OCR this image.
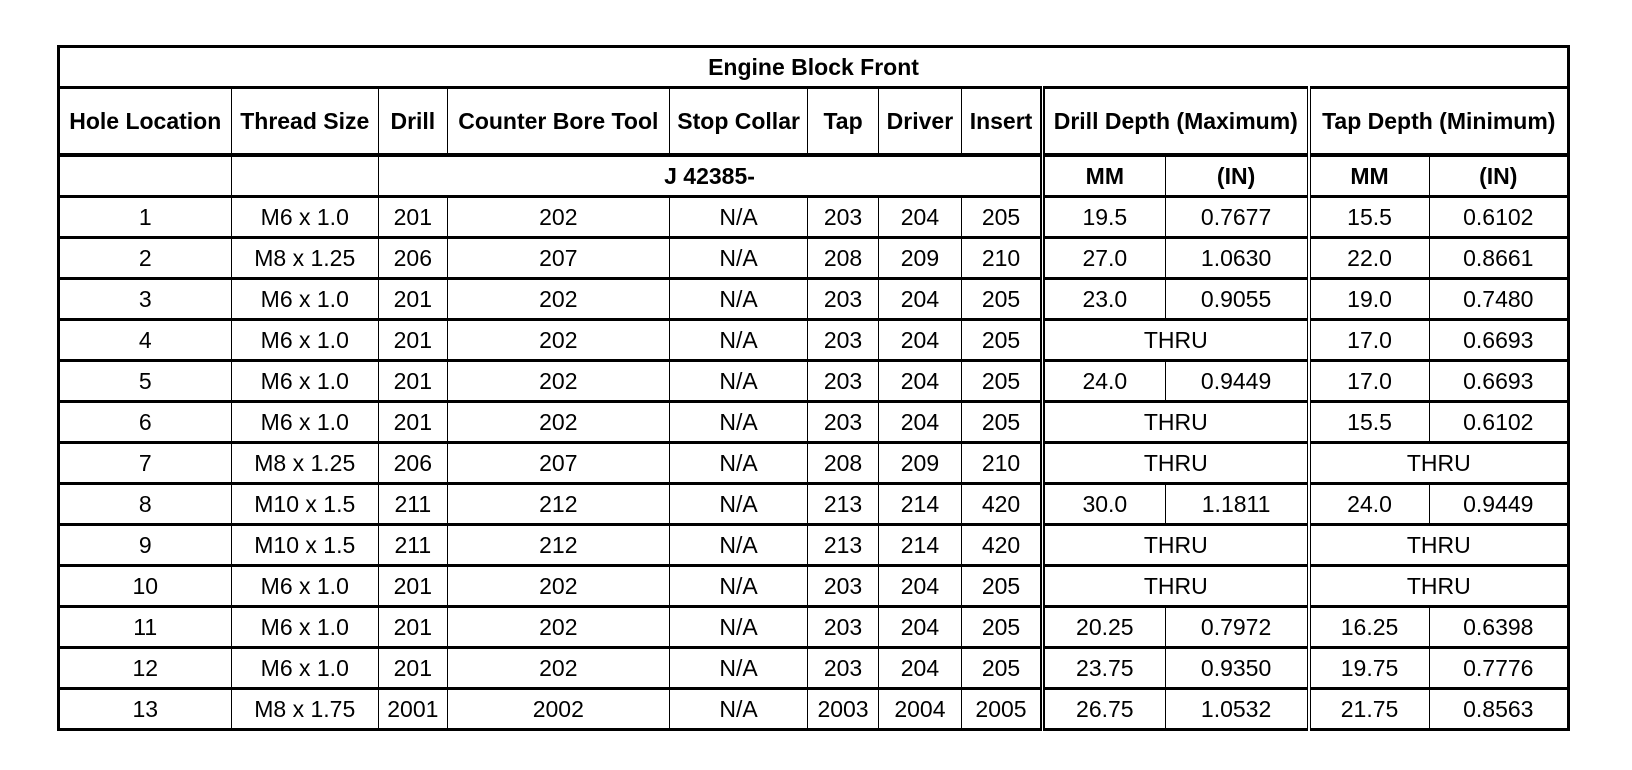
Engine Block Front											
Hole Location	Thread Size	Drill	Counter Bore Tool	Stop Collar	Tap	Driver	Insert	Drill Depth (Maximum)		Tap Depth (Minimum)	
		J 42385-						MM	(IN)	MM	(IN)
1	M6 x 1.0	201	202	N/A	203	204	205	19.5	0.7677	15.5	0.6102
2	M8 x 1.25	206	207	N/A	208	209	210	27.0	1.0630	22.0	0.8661
3	M6 x 1.0	201	202	N/A	203	204	205	23.0	0.9055	19.0	0.7480
4	M6 x 1.0	201	202	N/A	203	204	205	THRU		17.0	0.6693
5	M6 x 1.0	201	202	N/A	203	204	205	24.0	0.9449	17.0	0.6693
6	M6 x 1.0	201	202	N/A	203	204	205	THRU		15.5	0.6102
7	M8 x 1.25	206	207	N/A	208	209	210	THRU		THRU	
8	M10 x 1.5	211	212	N/A	213	214	420	30.0	1.1811	24.0	0.9449
9	M10 x 1.5	211	212	N/A	213	214	420	THRU		THRU	
10	M6 x 1.0	201	202	N/A	203	204	205	THRU		THRU	
11	M6 x 1.0	201	202	N/A	203	204	205	20.25	0.7972	16.25	0.6398
12	M6 x 1.0	201	202	N/A	203	204	205	23.75	0.9350	19.75	0.7776
13	M8 x 1.75	2001	2002	N/A	2003	2004	2005	26.75	1.0532	21.75	0.8563
